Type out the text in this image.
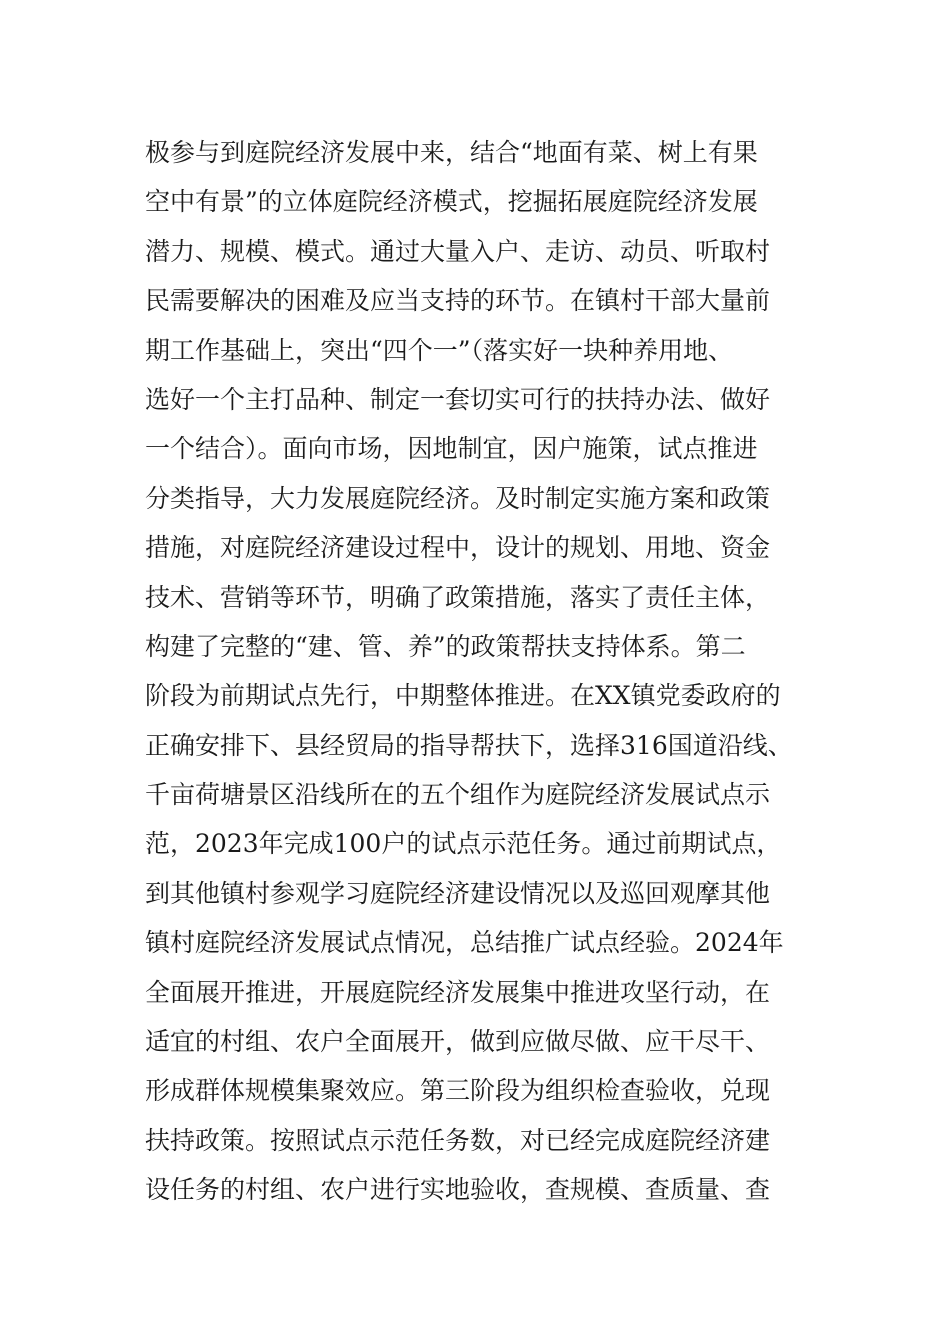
极参与到庭院经济发展中来，结合“地面有菜、树上有果
空中有景”的立体庭院经济模式，挖掘拓展庭院经济发展
潜力、规模、模式。通过大量入户、走访、动员、听取村
民需要解决的困难及应当支持的环节。在镇村干部大量前
期工作基础上，突出“四个一”（落实好一块种养用地、
选好一个主打品种、制定一套切实可行的扶持办法、做好
一个结合）。面向市场，因地制宜，因户施策，试点推进
分类指导，大力发展庭院经济。及时制定实施方案和政策
措施，对庭院经济建设过程中，设计的规划、用地、资金
技术、营销等环节，明确了政策措施，落实了责任主体，
构建了完整的“建、管、养”的政策帮扶支持体系。第二
阶段为前期试点先行，中期整体推进。在XX镇党委政府的
正确安排下、县经贸局的指导帮扶下，选择316国道沿线、
千亩荷塘景区沿线所在的五个组作为庭院经济发展试点示
范，2023年完成100户的试点示范任务。通过前期试点，
到其他镇村参观学习庭院经济建设情况以及巡回观摩其他
镇村庭院经济发展试点情况，总结推广试点经验。2024年
全面展开推进，开展庭院经济发展集中推进攻坚行动，在
适宜的村组、农户全面展开，做到应做尽做、应干尽干、
形成群体规模集聚效应。第三阶段为组织检查验收，兑现
扶持政策。按照试点示范任务数，对已经完成庭院经济建
设任务的村组、农户进行实地验收，查规模、查质量、查
